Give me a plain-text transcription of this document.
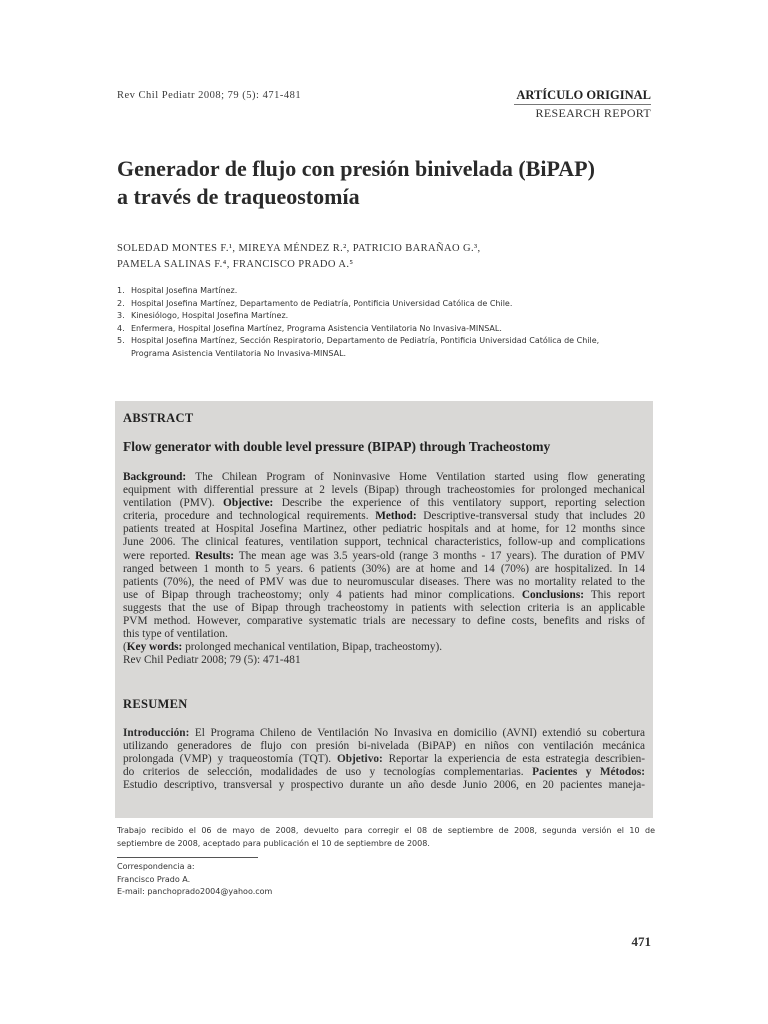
Rev Chil Pediatr 2008; 79 (5): 471-481	ARTÍCULO ORIGINAL
RESEARCH REPORT
Generador de flujo con presión binivelada (BiPAP)
a través de traqueostomía
SOLEDAD MONTES F.¹, MIREYA MÉNDEZ R.², PATRICIO BARAÑAO G.³,
PAMELA SALINAS F.⁴, FRANCISCO PRADO A.⁵
1. Hospital Josefina Martínez.
2. Hospital Josefina Martínez, Departamento de Pediatría, Pontificia Universidad Católica de Chile.
3. Kinesiólogo, Hospital Josefina Martínez.
4. Enfermera, Hospital Josefina Martínez, Programa Asistencia Ventilatoria No Invasiva-MINSAL.
5. Hospital Josefina Martínez, Sección Respiratorio, Departamento de Pediatría, Pontificia Universidad Católica de Chile,
Programa Asistencia Ventilatoria No Invasiva-MINSAL.
ABSTRACT
Flow generator with double level pressure (BIPAP) through Tracheostomy
Background: The Chilean Program of Noninvasive Home Ventilation started using flow generating
equipment with differential pressure at 2 levels (Bipap) through tracheostomies for prolonged mechanical
ventilation (PMV). Objective: Describe the experience of this ventilatory support, reporting selection
criteria, procedure and technological requirements. Method: Descriptive-transversal study that includes 20
patients treated at Hospital Josefina Martinez, other pediatric hospitals and at home, for 12 months since
June 2006. The clinical features, ventilation support, technical characteristics, follow-up and complications
were reported. Results: The mean age was 3.5 years-old (range 3 months - 17 years). The duration of PMV
ranged between 1 month to 5 years. 6 patients (30%) are at home and 14 (70%) are hospitalized. In 14
patients (70%), the need of PMV was due to neuromuscular diseases. There was no mortality related to the
use of Bipap through tracheostomy; only 4 patients had minor complications. Conclusions: This report
suggests that the use of Bipap through tracheostomy in patients with selection criteria is an applicable
PVM method. However, comparative systematic trials are necessary to define costs, benefits and risks of
this type of ventilation.
(Key words: prolonged mechanical ventilation, Bipap, tracheostomy).
Rev Chil Pediatr 2008; 79 (5): 471-481
RESUMEN
Introducción: El Programa Chileno de Ventilación No Invasiva en domicilio (AVNI) extendió su cobertura
utilizando generadores de flujo con presión bi-nivelada (BiPAP) en niños con ventilación mecánica
prolongada (VMP) y traqueostomía (TQT). Objetivo: Reportar la experiencia de esta estrategia describien-
do criterios de selección, modalidades de uso y tecnologías complementarias. Pacientes y Métodos:
Estudio descriptivo, transversal y prospectivo durante un año desde Junio 2006, en 20 pacientes maneja-
Trabajo recibido el 06 de mayo de 2008, devuelto para corregir el 08 de septiembre de 2008, segunda versión el 10 de
septiembre de 2008, aceptado para publicación el 10 de septiembre de 2008.
Correspondencia a:
Francisco Prado A.
E-mail: panchoprado2004@yahoo.com
471
